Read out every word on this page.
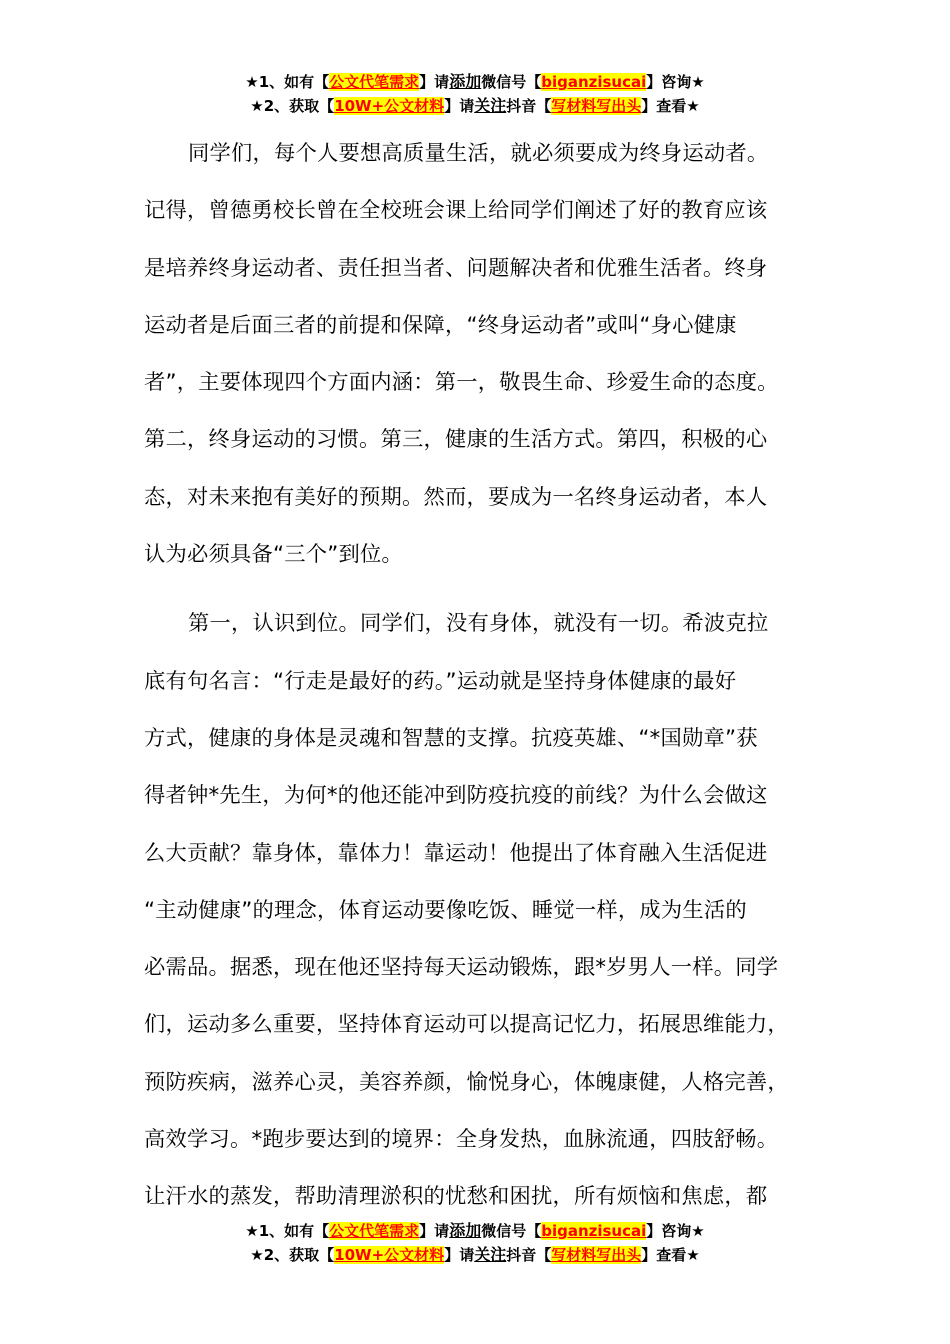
★1、如有【公文代笔需求】请添加微信号【biganzisucai】咨询★
★2、获取【10W+公文材料】请关注抖音【写材料写出头】查看★
同学们，每个人要想高质量生活，就必须要成为终身运动者。
记得，曾德勇校长曾在全校班会课上给同学们阐述了好的教育应该
是培养终身运动者、责任担当者、问题解决者和优雅生活者。终身
运动者是后面三者的前提和保障，“终身运动者”或叫“身心健康
者”，主要体现四个方面内涵：第一，敬畏生命、珍爱生命的态度。
第二，终身运动的习惯。第三，健康的生活方式。第四，积极的心
态，对未来抱有美好的预期。然而，要成为一名终身运动者，本人
认为必须具备“三个”到位。
第一，认识到位。同学们，没有身体，就没有一切。希波克拉
底有句名言：“行走是最好的药。”运动就是坚持身体健康的最好
方式，健康的身体是灵魂和智慧的支撑。抗疫英雄、“*国勋章”获
得者钟*先生，为何*的他还能冲到防疫抗疫的前线？为什么会做这
么大贡献？靠身体，靠体力！靠运动！他提出了体育融入生活促进
“主动健康”的理念，体育运动要像吃饭、睡觉一样，成为生活的
必需品。据悉，现在他还坚持每天运动锻炼，跟*岁男人一样。同学
们，运动多么重要，坚持体育运动可以提高记忆力，拓展思维能力，
预防疾病，滋养心灵，美容养颜，愉悦身心，体魄康健，人格完善，
高效学习。*跑步要达到的境界：全身发热，血脉流通，四肢舒畅。
让汗水的蒸发，帮助清理淤积的忧愁和困扰，所有烦恼和焦虑，都
★1、如有【公文代笔需求】请添加微信号【biganzisucai】咨询★
★2、获取【10W+公文材料】请关注抖音【写材料写出头】查看★
